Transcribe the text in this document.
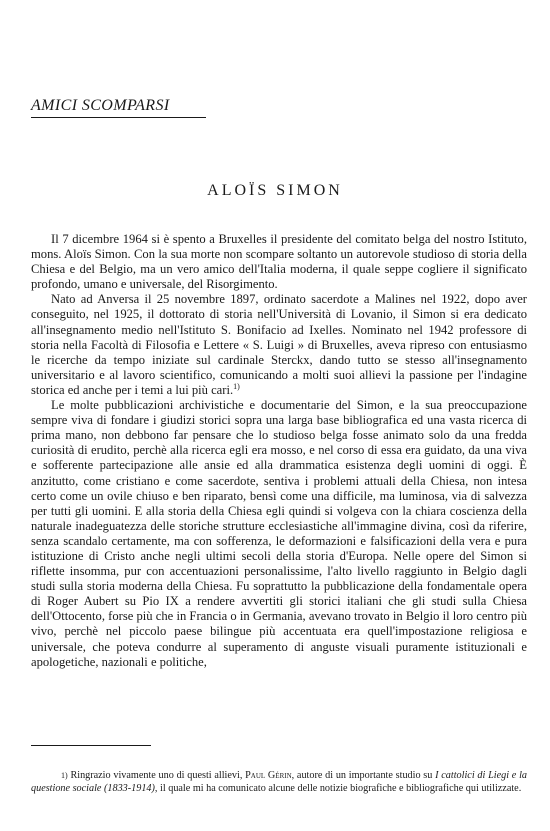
AMICI SCOMPARSI
ALOÏS SIMON

Il 7 dicembre 1964 si è spento a Bruxelles il presidente del comitato belga del nostro Istituto, mons. Aloïs Simon. Con la sua morte non scompare soltanto un autorevole studioso di storia della Chiesa e del Belgio, ma un vero amico dell'Italia moderna, il quale seppe cogliere il significato profondo, umano e universale, del Risorgimento.

Nato ad Anversa il 25 novembre 1897, ordinato sacerdote a Malines nel 1922, dopo aver conseguito, nel 1925, il dottorato di storia nell'Università di Lovanio, il Simon si era dedicato all'insegnamento medio nell'Istituto S. Bonifacio ad Ixelles. Nominato nel 1942 professore di storia nella Facoltà di Filosofia e Lettere « S. Luigi » di Bruxelles, aveva ripreso con entusiasmo le ricerche da tempo iniziate sul cardinale Sterckx, dando tutto se stesso all'insegnamento universitario e al lavoro scientifico, comunicando a molti suoi allievi la passione per l'indagine storica ed anche per i temi a lui più cari.$^{1)}$

Le molte pubblicazioni archivistiche e documentarie del Simon, e la sua preoccupazione sempre viva di fondare i giudizi storici sopra una larga base bibliografica ed una vasta ricerca di prima mano, non debbono far pensare che lo studioso belga fosse animato solo da una fredda curiosità di erudito, perchè alla ricerca egli era mosso, e nel corso di essa era guidato, da una viva e sofferente partecipazione alle ansie ed alla drammatica esistenza degli uomini di oggi. È anzitutto, come cristiano e come sacerdote, sentiva i problemi attuali della Chiesa, non intesa certo come un ovile chiuso e ben riparato, bensì come una difficile, ma luminosa, via di salvezza per tutti gli uomini. E alla storia della Chiesa egli quindi si volgeva con la chiara coscienza della naturale inadeguatezza delle storiche strutture ecclesiastiche all'immagine divina, così da riferire, senza scandalo certamente, ma con sofferenza, le deformazioni e falsificazioni della vera e pura istituzione di Cristo anche negli ultimi secoli della storia d'Europa. Nelle opere del Simon si riflette insomma, pur con accentuazioni personalissime, l'alto livello raggiunto in Belgio dagli studi sulla storia moderna della Chiesa. Fu soprattutto la pubblicazione della fondamentale opera di Roger Aubert su Pio IX a rendere avvertiti gli storici italiani che gli studi sulla Chiesa dell'Ottocento, forse più che in Francia o in Germania, avevano trovato in Belgio il loro centro più vivo, perchè nel piccolo paese bilingue più accentuata era quell'impostazione religiosa e universale, che poteva condurre al superamento di anguste visuali puramente istituzionali e apologetiche, nazionali e politiche,

1) Ringrazio vivamente uno di questi allievi, Paul Gérin, autore di un importante studio su I cattolici di Liegi e la questione sociale (1833-1914), il quale mi ha comunicato alcune delle notizie biografiche e bibliografiche qui utilizzate.
